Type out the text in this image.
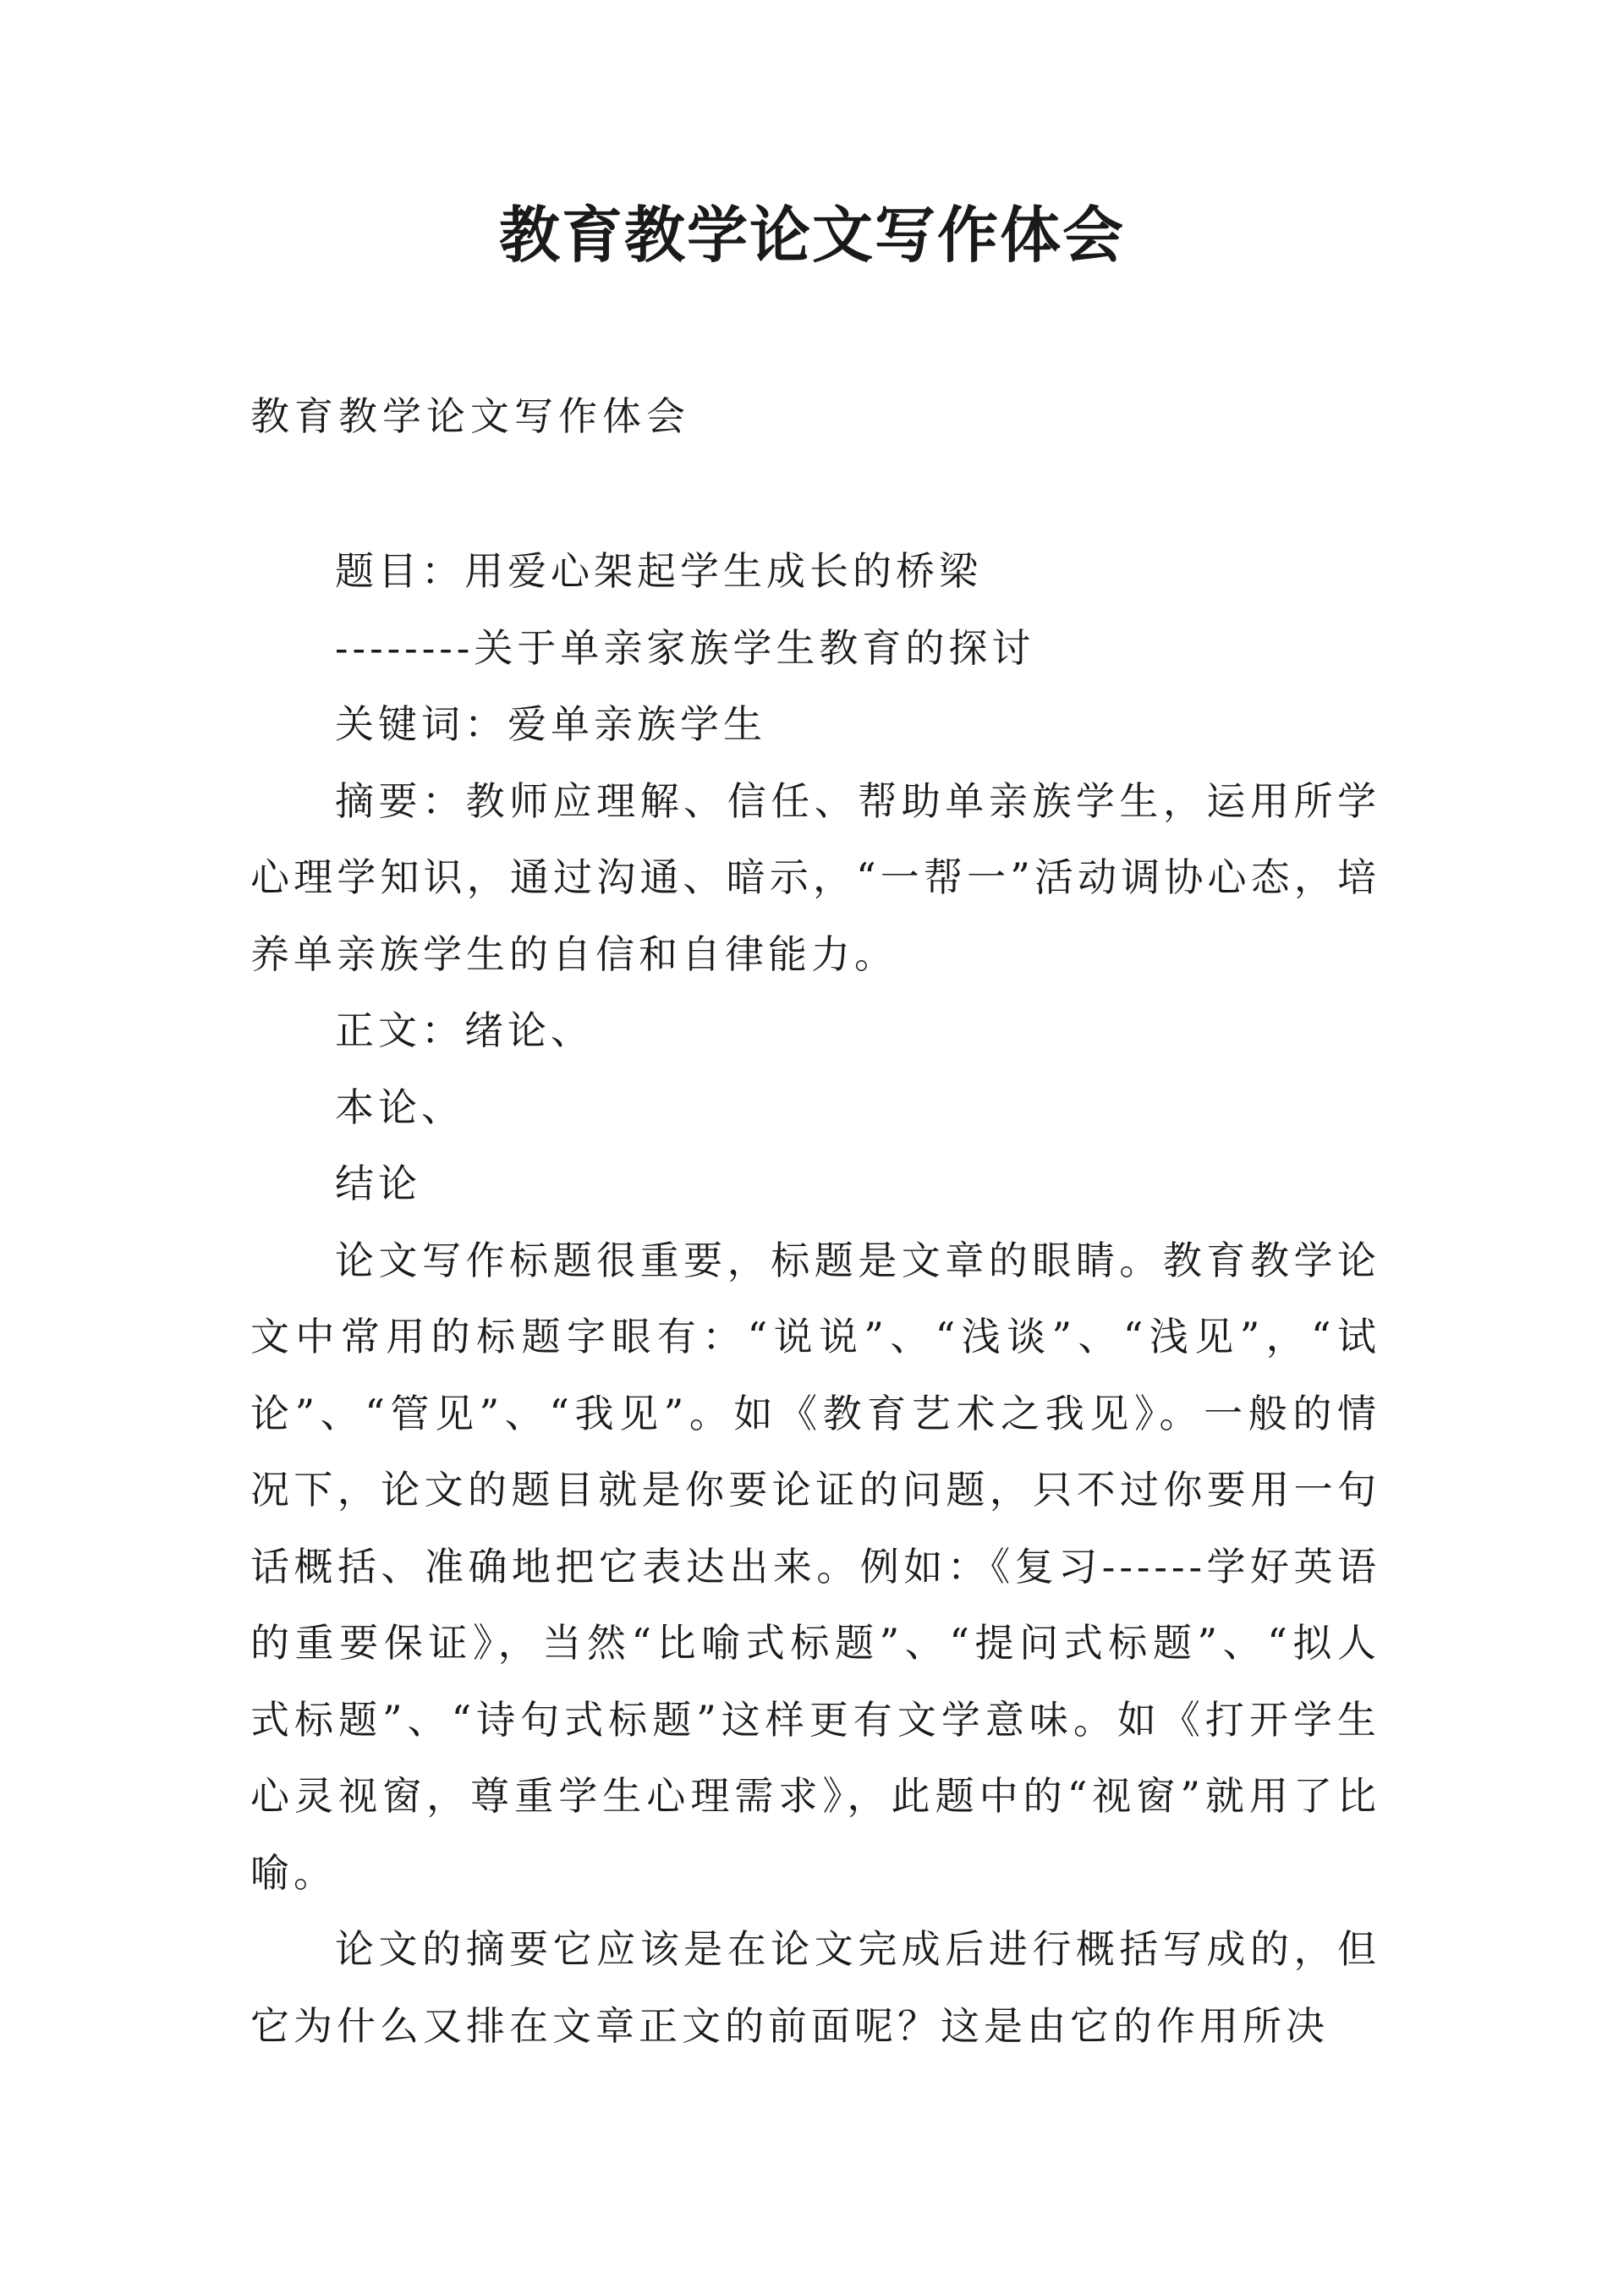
教育教学论文写作体会
教育教学论文写作体会

题目：用爱心架起学生成长的桥梁

--------关于单亲家族学生教育的探讨

关键词：爱单亲族学生

摘要：教师应理解、信任、帮助单亲族学生，运用所学心理学知识，通过沟通、暗示，“一帮一”活动调协心态，培养单亲族学生的自信和自律能力。

正文：绪论、

本论、

结论

论文写作标题很重要，标题是文章的眼睛。教育教学论文中常用的标题字眼有：“说说”、“浅谈”、“浅见”，“试论”、“管见”、“我见”。如《教育艺术之我见》。一般的情况下，论文的题目就是你要论证的问题，只不过你要用一句话概括、准确地把它表达出来。例如：《复习------学好英语的重要保证》，当然“比喻式标题”、“提问式标题”、“拟人式标题”、“诗句式标题”这样更有文学意味。如《打开学生心灵视窗，尊重学生心理需求》，此题中的“视窗”就用了比喻。

论文的摘要它应该是在论文完成后进行概括写成的，但它为什么又排在文章正文的前面呢？这是由它的作用所决
